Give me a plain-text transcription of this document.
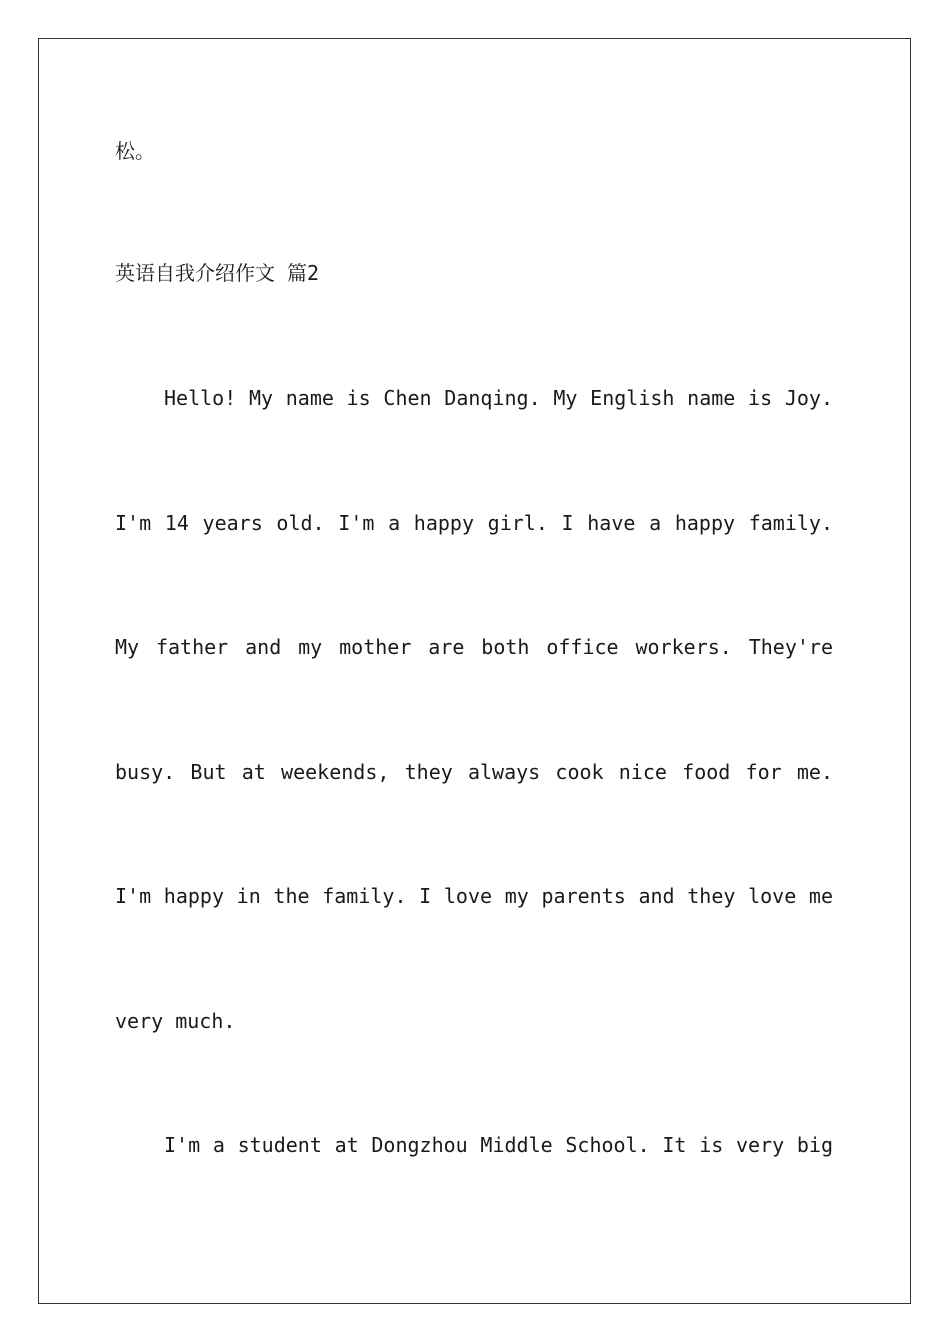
松。

英语自我介绍作文 篇2

Hello! My name is Chen Danqing. My English name is Joy.

I'm 14 years old. I'm a happy girl. I have a happy family.

My father and my mother are both office workers. They're

busy. But at weekends, they always cook nice food for me.

I'm happy in the family. I love my parents and they love me

very much.

I'm a student at Dongzhou Middle School. It is very big
